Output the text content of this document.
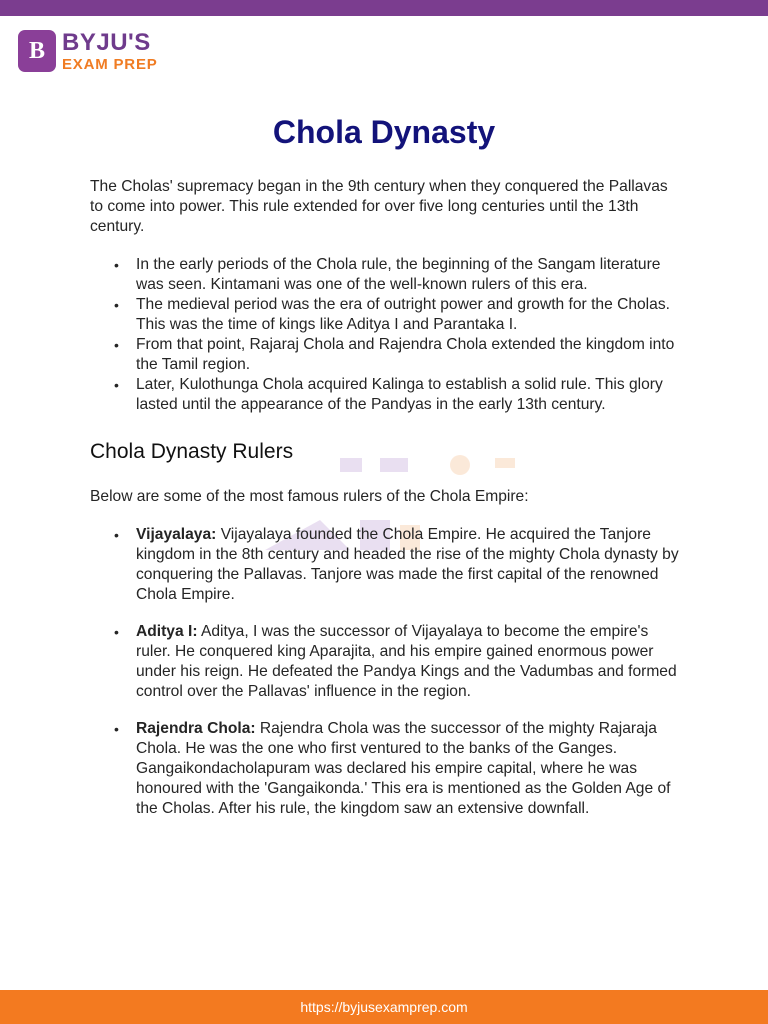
B BYJU'S
EXAM PREP
Chola Dynasty

The Cholas' supremacy began in the 9th century when they conquered the Pallavas to come into power. This rule extended for over five long centuries until the 13th century.

• In the early periods of the Chola rule, the beginning of the Sangam literature was seen. Kintamani was one of the well-known rulers of this era.
• The medieval period was the era of outright power and growth for the Cholas. This was the time of kings like Aditya I and Parantaka I.
• From that point, Rajaraj Chola and Rajendra Chola extended the kingdom into the Tamil region.
• Later, Kulothunga Chola acquired Kalinga to establish a solid rule. This glory lasted until the appearance of the Pandyas in the early 13th century.
Chola Dynasty Rulers

Below are some of the most famous rulers of the Chola Empire:

• Vijayalaya: Vijayalaya founded the Chola Empire. He acquired the Tanjore kingdom in the 8th century and headed the rise of the mighty Chola dynasty by conquering the Pallavas. Tanjore was made the first capital of the renowned Chola Empire.
• Aditya I: Aditya, I was the successor of Vijayalaya to become the empire's ruler. He conquered king Aparajita, and his empire gained enormous power under his reign. He defeated the Pandya Kings and the Vadumbas and formed control over the Pallavas' influence in the region.
• Rajendra Chola: Rajendra Chola was the successor of the mighty Rajaraja Chola. He was the one who first ventured to the banks of the Ganges. Gangaikondacholapuram was declared his empire capital, where he was honoured with the 'Gangaikonda.' This era is mentioned as the Golden Age of the Cholas. After his rule, the kingdom saw an extensive downfall.
https://byjusexamprep.com
